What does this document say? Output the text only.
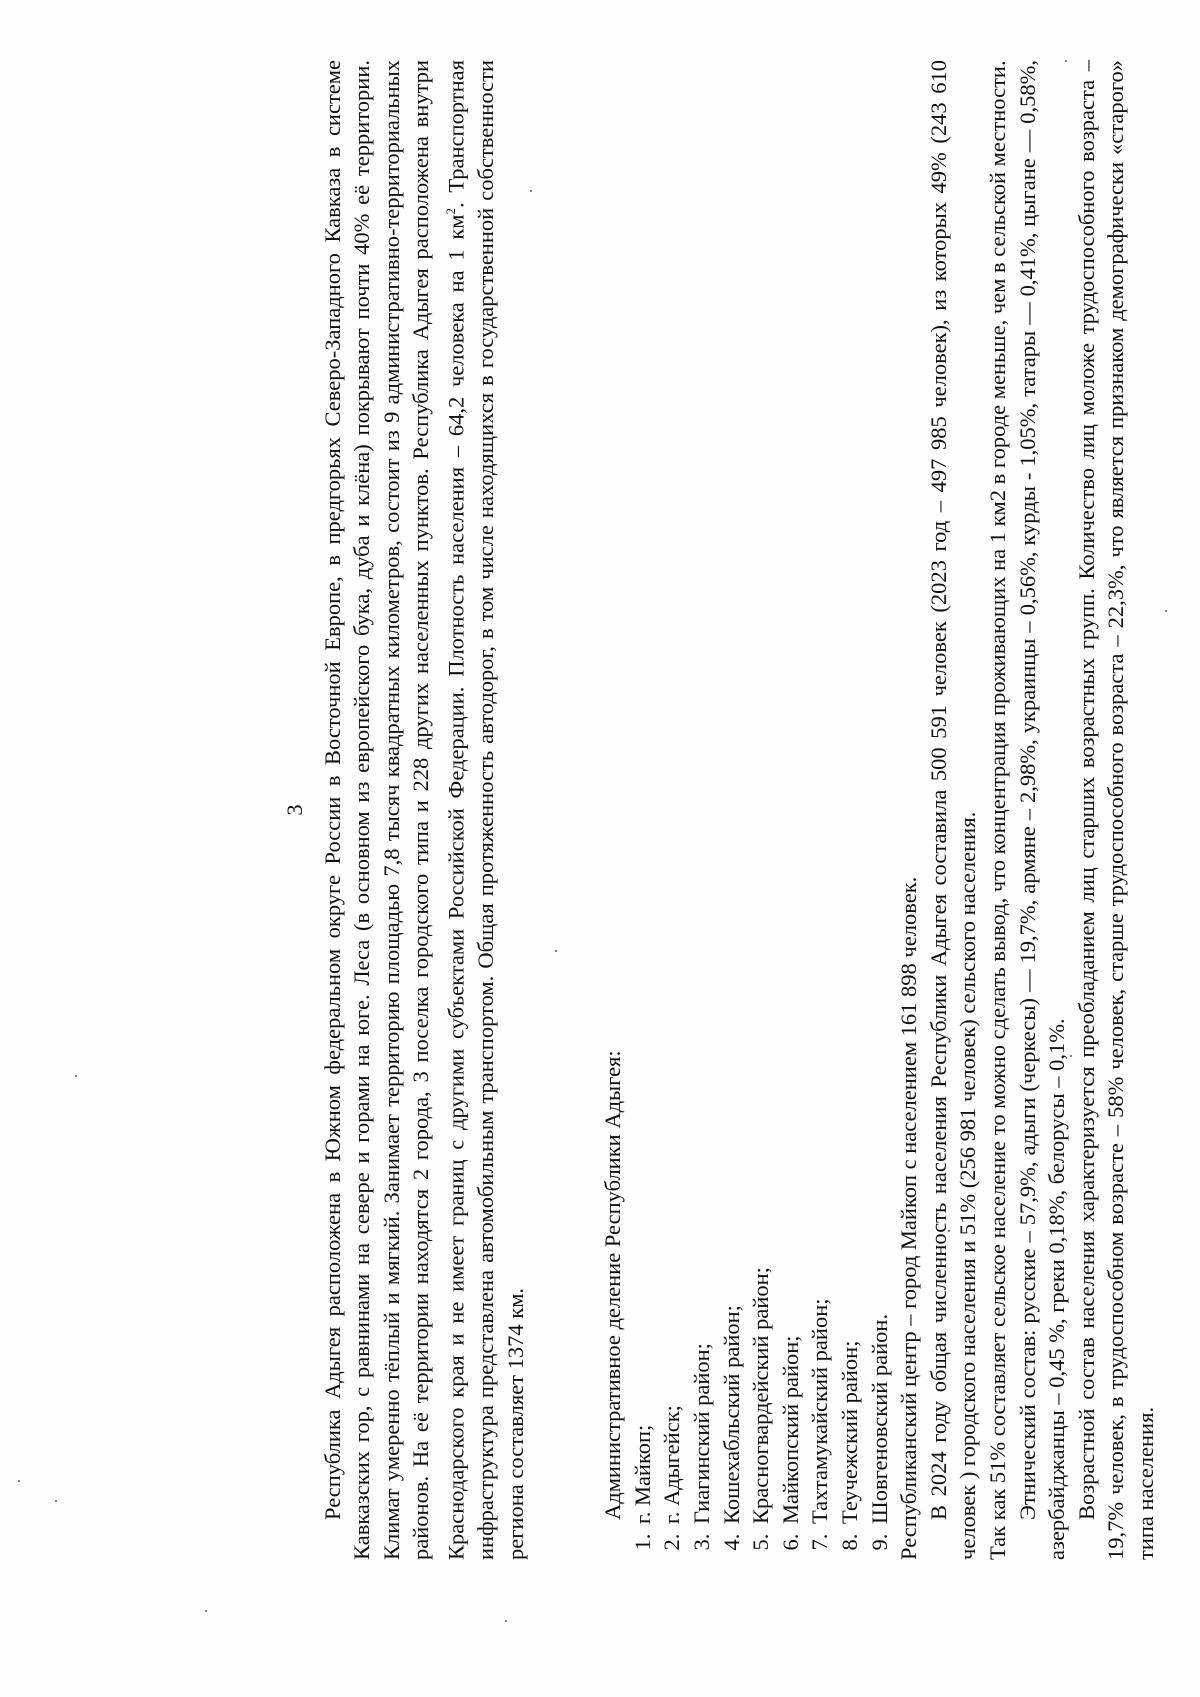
3 Республика Адыгея расположена в Южном федеральном округе России в Восточной Европе, в предгорьях Северо-Западного Кавказа в системе Кавказских гор, с равнинами на севере и горами на юге. Леса (в основном из европейского бука, дуба и клёна) покрывают почти 40% её территории. Климат умеренно тёплый и мягкий. Занимает территорию площадью 7,8 тысяч квадратных километров, состоит из 9 административно-территориальных районов. На её территории находятся 2 города, 3 поселка городского типа и 228 других населенных пунктов. Республика Адыгея расположена внутри Краснодарского края и не имеет границ с другими субъектами Российской Федерации. Плотность населения – 64,2 человека на 1 $км^2$. Транспортная инфраструктура представлена автомобильным транспортом. Общая протяженность автодорог, в том числе находящихся в государственной собственности региона составляет 1374 км.	Административное деление Республики Адыгея: 1. г. Майкоп; 2. г. Адыгейск; 3. Гиагинский район; 4. Кошехабльский район; 5. Красногвардейский район; 6. Майкопский район; 7. Тахтамукайский район; 8. Теучежский район; 9. Шовгеновский район. Республиканский центр – город Майкоп с населением 161 898 человек. В 2024 году общая численность населения Республики Адыгея составила 500 591 человек (2023 год – 497 985 человек), из которых 49% (243 610 человек ) городского населения и 51% (256 981 человек) сельского населения. Так как 51% составляет сельское население то можно сделать вывод, что концентрация проживающих на 1 км2 в городе меньше, чем в сельской местности. Этнический состав: русские – 57,9%, адыги (черкесы) — 19,7%, армяне – 2,98%, украинцы – 0,56%, курды - 1,05%, татары — 0,41%, цыгане — 0,58%, азербайджанцы – 0,45 %, греки 0,18%, белорусы – 0,1%. Возрастной состав населения характеризуется преобладанием лиц старших возрастных групп. Количество лиц моложе трудоспособного возраста – 19,7% человек, в трудоспособном возрасте – 58% человек, старше трудоспособного возраста – 22,3%, что является признаком демографически «старого» типа населения.
